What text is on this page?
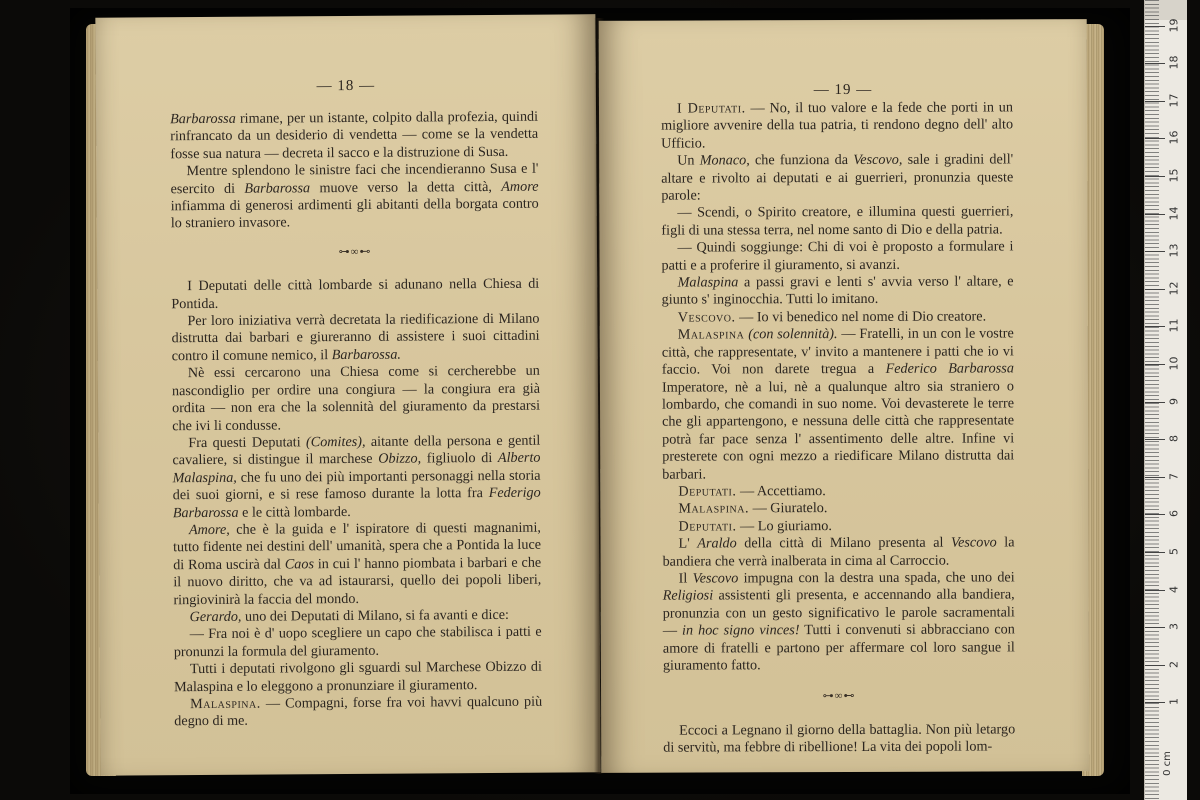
— 18 —

Barbarossa rimane, per un istante, colpito dalla profezia, quindi rinfrancato da un desiderio di vendetta — come se la vendetta fosse sua natura — decreta il sacco e la distruzione di Susa.

Mentre splendono le sinistre faci che incendieranno Susa e l' esercito di Barbarossa muove verso la detta città, Amore infiamma di generosi ardimenti gli abitanti della borgata contro lo straniero invasore.

⊶∞⊷

I Deputati delle città lombarde si adunano nella Chiesa di Pontida.

Per loro iniziativa verrà decretata la riedificazione di Milano distrutta dai barbari e giureranno di assistere i suoi cittadini contro il comune nemico, il Barbarossa.

Nè essi cercarono una Chiesa come si cercherebbe un nascondiglio per ordire una congiura — la congiura era già ordita — non era che la solennità del giuramento da prestarsi che ivi li condusse.

Fra questi Deputati (Comites), aitante della persona e gentil cavaliere, si distingue il marchese Obizzo, figliuolo di Alberto Malaspina, che fu uno dei più importanti personaggi nella storia dei suoi giorni, e si rese famoso durante la lotta fra Federigo Barbarossa e le città lombarde.

Amore, che è la guida e l' ispiratore di questi magnanimi, tutto fidente nei destini dell' umanità, spera che a Pontida la luce di Roma uscirà dal Caos in cui l' hanno piombata i barbari e che il nuovo diritto, che va ad istaurarsi, quello dei popoli liberi, ringiovinirà la faccia del mondo.

Gerardo, uno dei Deputati di Milano, si fa avanti e dice:

— Fra noi è d' uopo scegliere un capo che stabilisca i patti e pronunzi la formula del giuramento.

Tutti i deputati rivolgono gli sguardi sul Marchese Obizzo di Malaspina e lo eleggono a pronunziare il giuramento.

Malaspina. — Compagni, forse fra voi havvi qualcuno più degno di me.

— 19 —

I Deputati. — No, il tuo valore e la fede che porti in un migliore avvenire della tua patria, ti rendono degno dell' alto Ufficio.

Un Monaco, che funziona da Vescovo, sale i gradini dell' altare e rivolto ai deputati e ai guerrieri, pronunzia queste parole:

— Scendi, o Spirito creatore, e illumina questi guerrieri, figli di una stessa terra, nel nome santo di Dio e della patria.

— Quindi soggiunge: Chi di voi è proposto a formulare i patti e a proferire il giuramento, si avanzi.

Malaspina a passi gravi e lenti s' avvia verso l' altare, e giunto s' inginocchia. Tutti lo imitano.

Vescovo. — Io vi benedico nel nome di Dio creatore.

Malaspina (con solennità). — Fratelli, in un con le vostre città, che rappresentate, v' invito a mantenere i patti che io vi faccio. Voi non darete tregua a Federico Barbarossa Imperatore, nè a lui, nè a qualunque altro sia straniero o lombardo, che comandi in suo nome. Voi devasterete le terre che gli appartengono, e nessuna delle città che rappresentate potrà far pace senza l' assentimento delle altre. Infine vi presterete con ogni mezzo a riedificare Milano distrutta dai barbari.

Deputati. — Accettiamo.

Malaspina. — Giuratelo.

Deputati. — Lo giuriamo.

L' Araldo della città di Milano presenta al Vescovo la bandiera che verrà inalberata in cima al Carroccio.

Il Vescovo impugna con la destra una spada, che uno dei Religiosi assistenti gli presenta, e accennando alla bandiera, pronunzia con un gesto significativo le parole sacramentali — in hoc signo vinces! Tutti i convenuti si abbracciano con amore di fratelli e partono per affermare col loro sangue il giuramento fatto.

⊶∞⊷

Eccoci a Legnano il giorno della battaglia. Non più letargo di servitù, ma febbre di ribellione! La vita dei popoli lom-

1
2
3
4
5
6
7
8
9
10
11
12
13
14
15
16
17
18
19
0 cm
